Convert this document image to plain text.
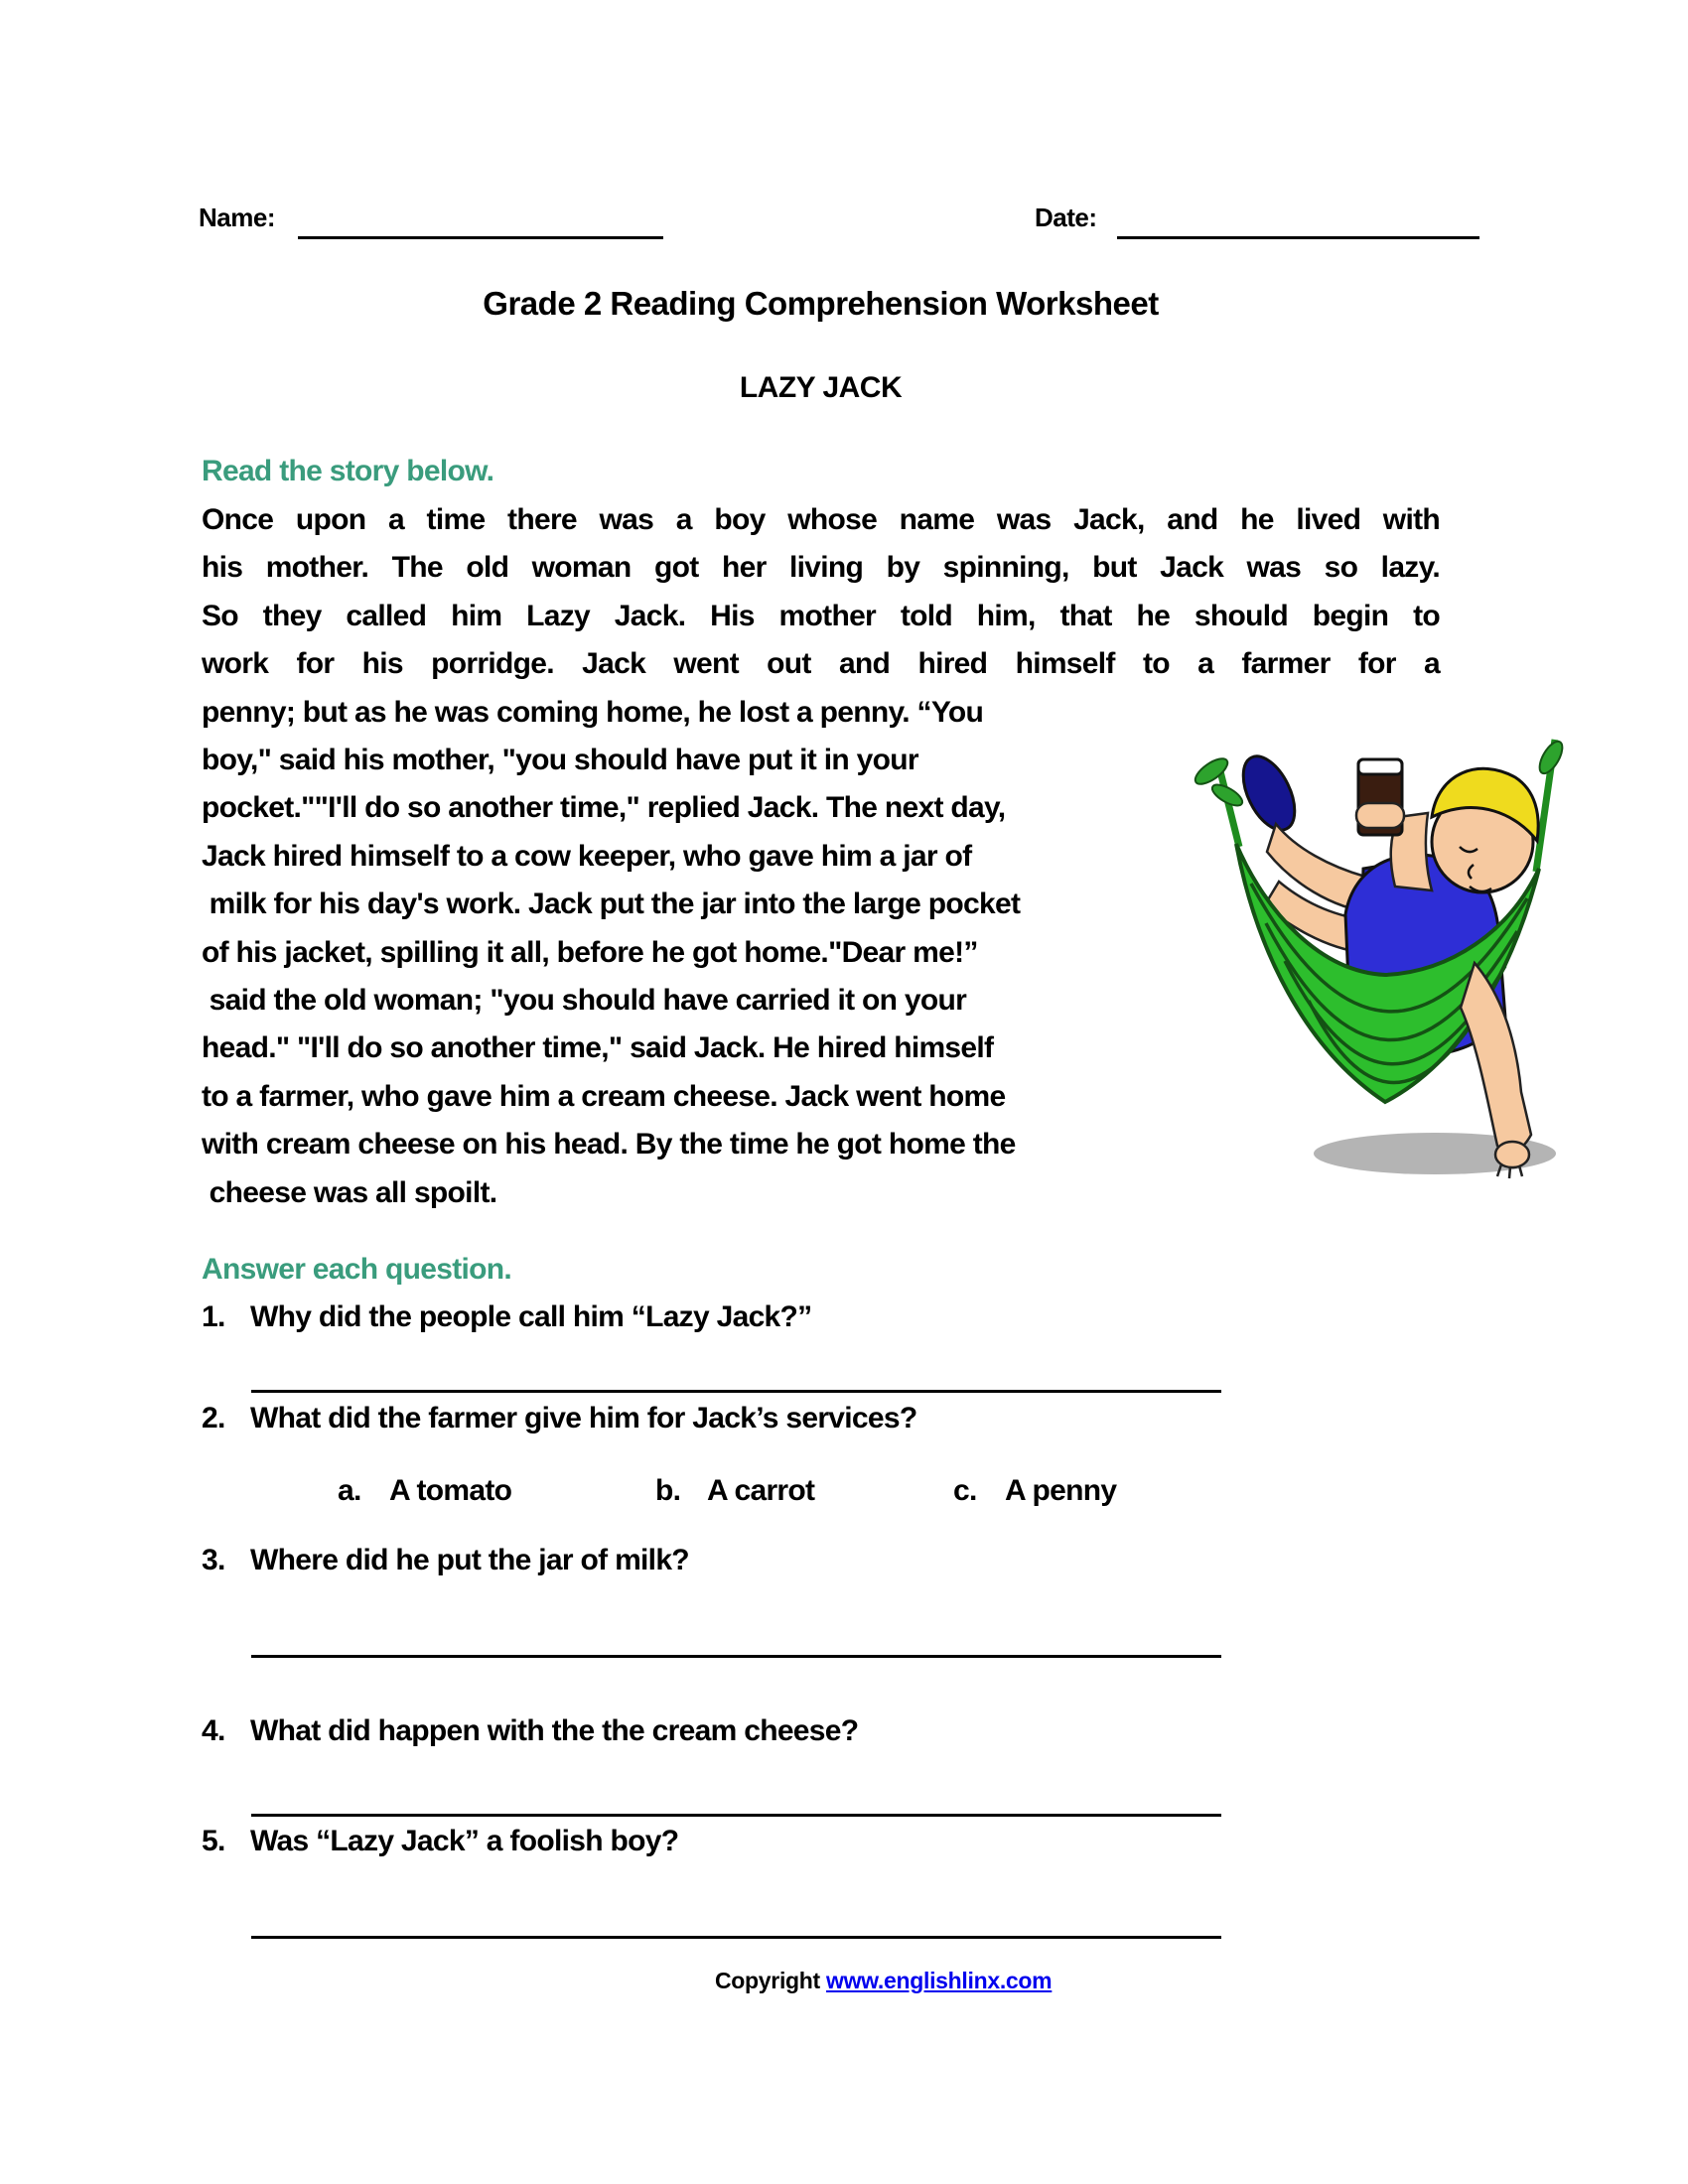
Name:	Date:
Grade 2 Reading Comprehension Worksheet
LAZY JACK
Read the story below.
Once upon a time there was a boy whose name was Jack, and he lived with
his mother. The old woman got her living by spinning, but Jack was so lazy.
So they called him Lazy Jack. His mother told him, that he should begin to
work for his porridge. Jack went out and hired himself to a farmer for a
penny; but as he was coming home, he lost a penny. “You
boy," said his mother, "you should have put it in your
pocket.""I'll do so another time," replied Jack. The next day,
Jack hired himself to a cow keeper, who gave him a jar of
milk for his day's work. Jack put the jar into the large pocket
of his jacket, spilling it all, before he got home."Dear me!”
said the old woman; "you should have carried it on your
head." "I'll do so another time," said Jack. He hired himself
to a farmer, who gave him a cream cheese. Jack went home
with cream cheese on his head. By the time he got home the
cheese was all spoilt.
Answer each question.
1. Why did the people call him “Lazy Jack?”
2. What did the farmer give him for Jack’s services?
a. A tomato	b. A carrot	c. A penny
3. Where did he put the jar of milk?
4. What did happen with the the cream cheese?
5. Was “Lazy Jack” a foolish boy?
Copyright www.englishlinx.com
